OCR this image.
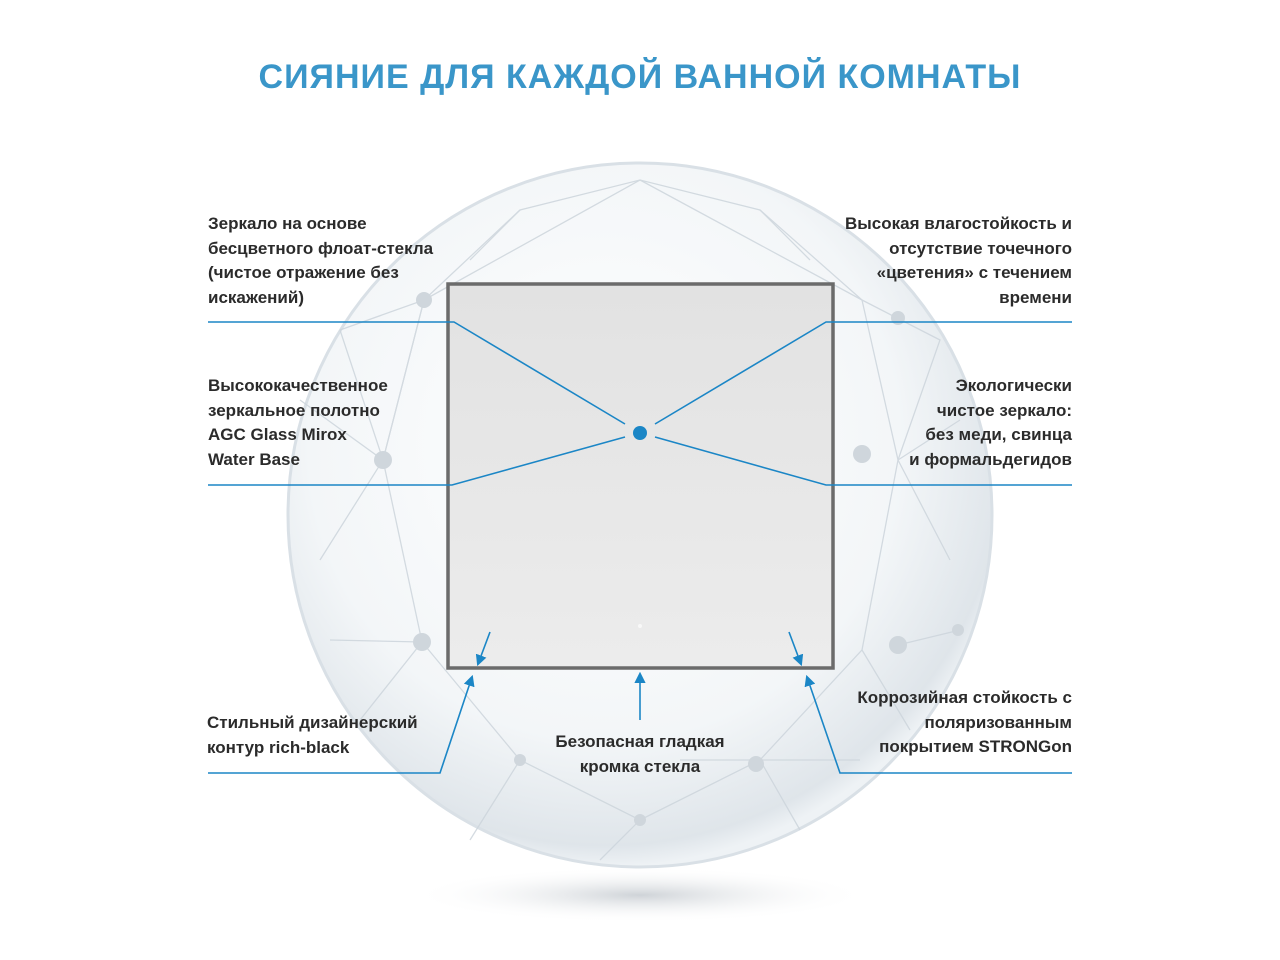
СИЯНИЕ ДЛЯ КАЖДОЙ ВАННОЙ КОМНАТЫ
Зеркало на основе
бесцветного флоат-стекла
(чистое отражение без
искажений)
Высокая влагостойкость и
отсутствие точечного
«цветения» с течением
времени
Высококачественное
зеркальное полотно
AGC Glass Mirox
Water Base
Экологически
чистое зеркало:
без меди, свинца
и формальдегидов
Стильный дизайнерский
контур rich-black	Безопасная гладкая
кромка стекла
Коррозийная стойкость с
поляризованным
покрытием STRONGon
